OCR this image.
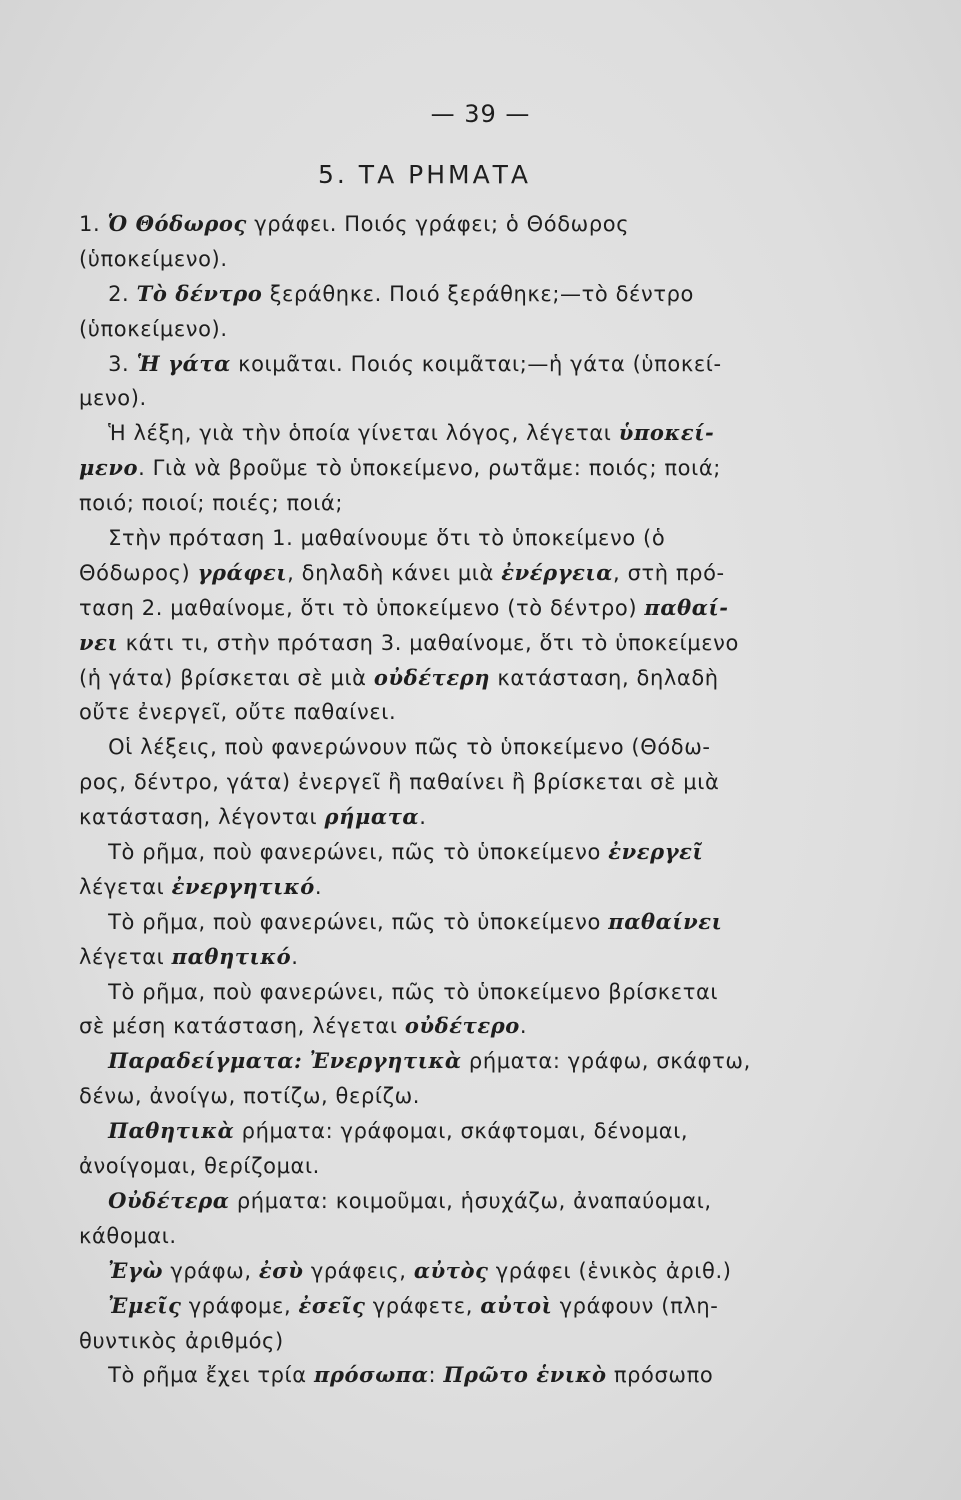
— 39 —
5. ΤΑ ΡΗΜΑΤΑ
1. Ὁ Θόδωρος γράφει. Ποιός γράφει; ὁ Θόδωρος
(ὑποκείμενο).
2. Τὸ δέντρο ξεράθηκε. Ποιό ξεράθηκε;—τὸ δέντρο
(ὑποκείμενο).
3. Ἡ γάτα κοιμᾶται. Ποιός κοιμᾶται;—ἡ γάτα (ὑποκεί-
μενο).
Ἡ λέξη, γιὰ τὴν ὁποία γίνεται λόγος, λέγεται ὑποκεί-
μενο. Γιὰ νὰ βροῦμε τὸ ὑποκείμενο, ρωτᾶμε: ποιός; ποιά;
ποιό; ποιοί; ποιές; ποιά;
Στὴν πρόταση 1. μαθαίνουμε ὅτι τὸ ὑποκείμενο (ὁ
Θόδωρος) γράφει, δηλαδὴ κάνει μιὰ ἐνέργεια, στὴ πρό-
ταση 2. μαθαίνομε, ὅτι τὸ ὑποκείμενο (τὸ δέντρο) παθαί-
νει κάτι τι, στὴν πρόταση 3. μαθαίνομε, ὅτι τὸ ὑποκείμενο
(ἡ γάτα) βρίσκεται σὲ μιὰ οὐδέτερη κατάσταση, δηλαδὴ
οὔτε ἐνεργεῖ, οὔτε παθαίνει.
Οἱ λέξεις, ποὺ φανερώνουν πῶς τὸ ὑποκείμενο (Θόδω-
ρος, δέντρο, γάτα) ἐνεργεῖ ἢ παθαίνει ἢ βρίσκεται σὲ μιὰ
κατάσταση, λέγονται ρήματα.
Τὸ ρῆμα, ποὺ φανερώνει, πῶς τὸ ὑποκείμενο ἐνεργεῖ
λέγεται ἐνεργητικό.
Τὸ ρῆμα, ποὺ φανερώνει, πῶς τὸ ὑποκείμενο παθαίνει
λέγεται παθητικό.
Τὸ ρῆμα, ποὺ φανερώνει, πῶς τὸ ὑποκείμενο βρίσκεται
σὲ μέση κατάσταση, λέγεται οὐδέτερο.
Παραδείγματα: Ἐνεργητικὰ ρήματα: γράφω, σκάφτω,
δένω, ἀνοίγω, ποτίζω, θερίζω.
Παθητικὰ ρήματα: γράφομαι, σκάφτομαι, δένομαι,
ἀνοίγομαι, θερίζομαι.
Οὐδέτερα ρήματα: κοιμοῦμαι, ἡσυχάζω, ἀναπαύομαι,
κάθομαι.
Ἐγὼ γράφω, ἐσὺ γράφεις, αὐτὸς γράφει (ἑνικὸς ἀριθ.)
Ἐμεῖς γράφομε, ἐσεῖς γράφετε, αὐτοὶ γράφουν (πλη-
θυντικὸς ἀριθμός)
Τὸ ρῆμα ἔχει τρία πρόσωπα: Πρῶτο ἑνικὸ πρόσωπο
